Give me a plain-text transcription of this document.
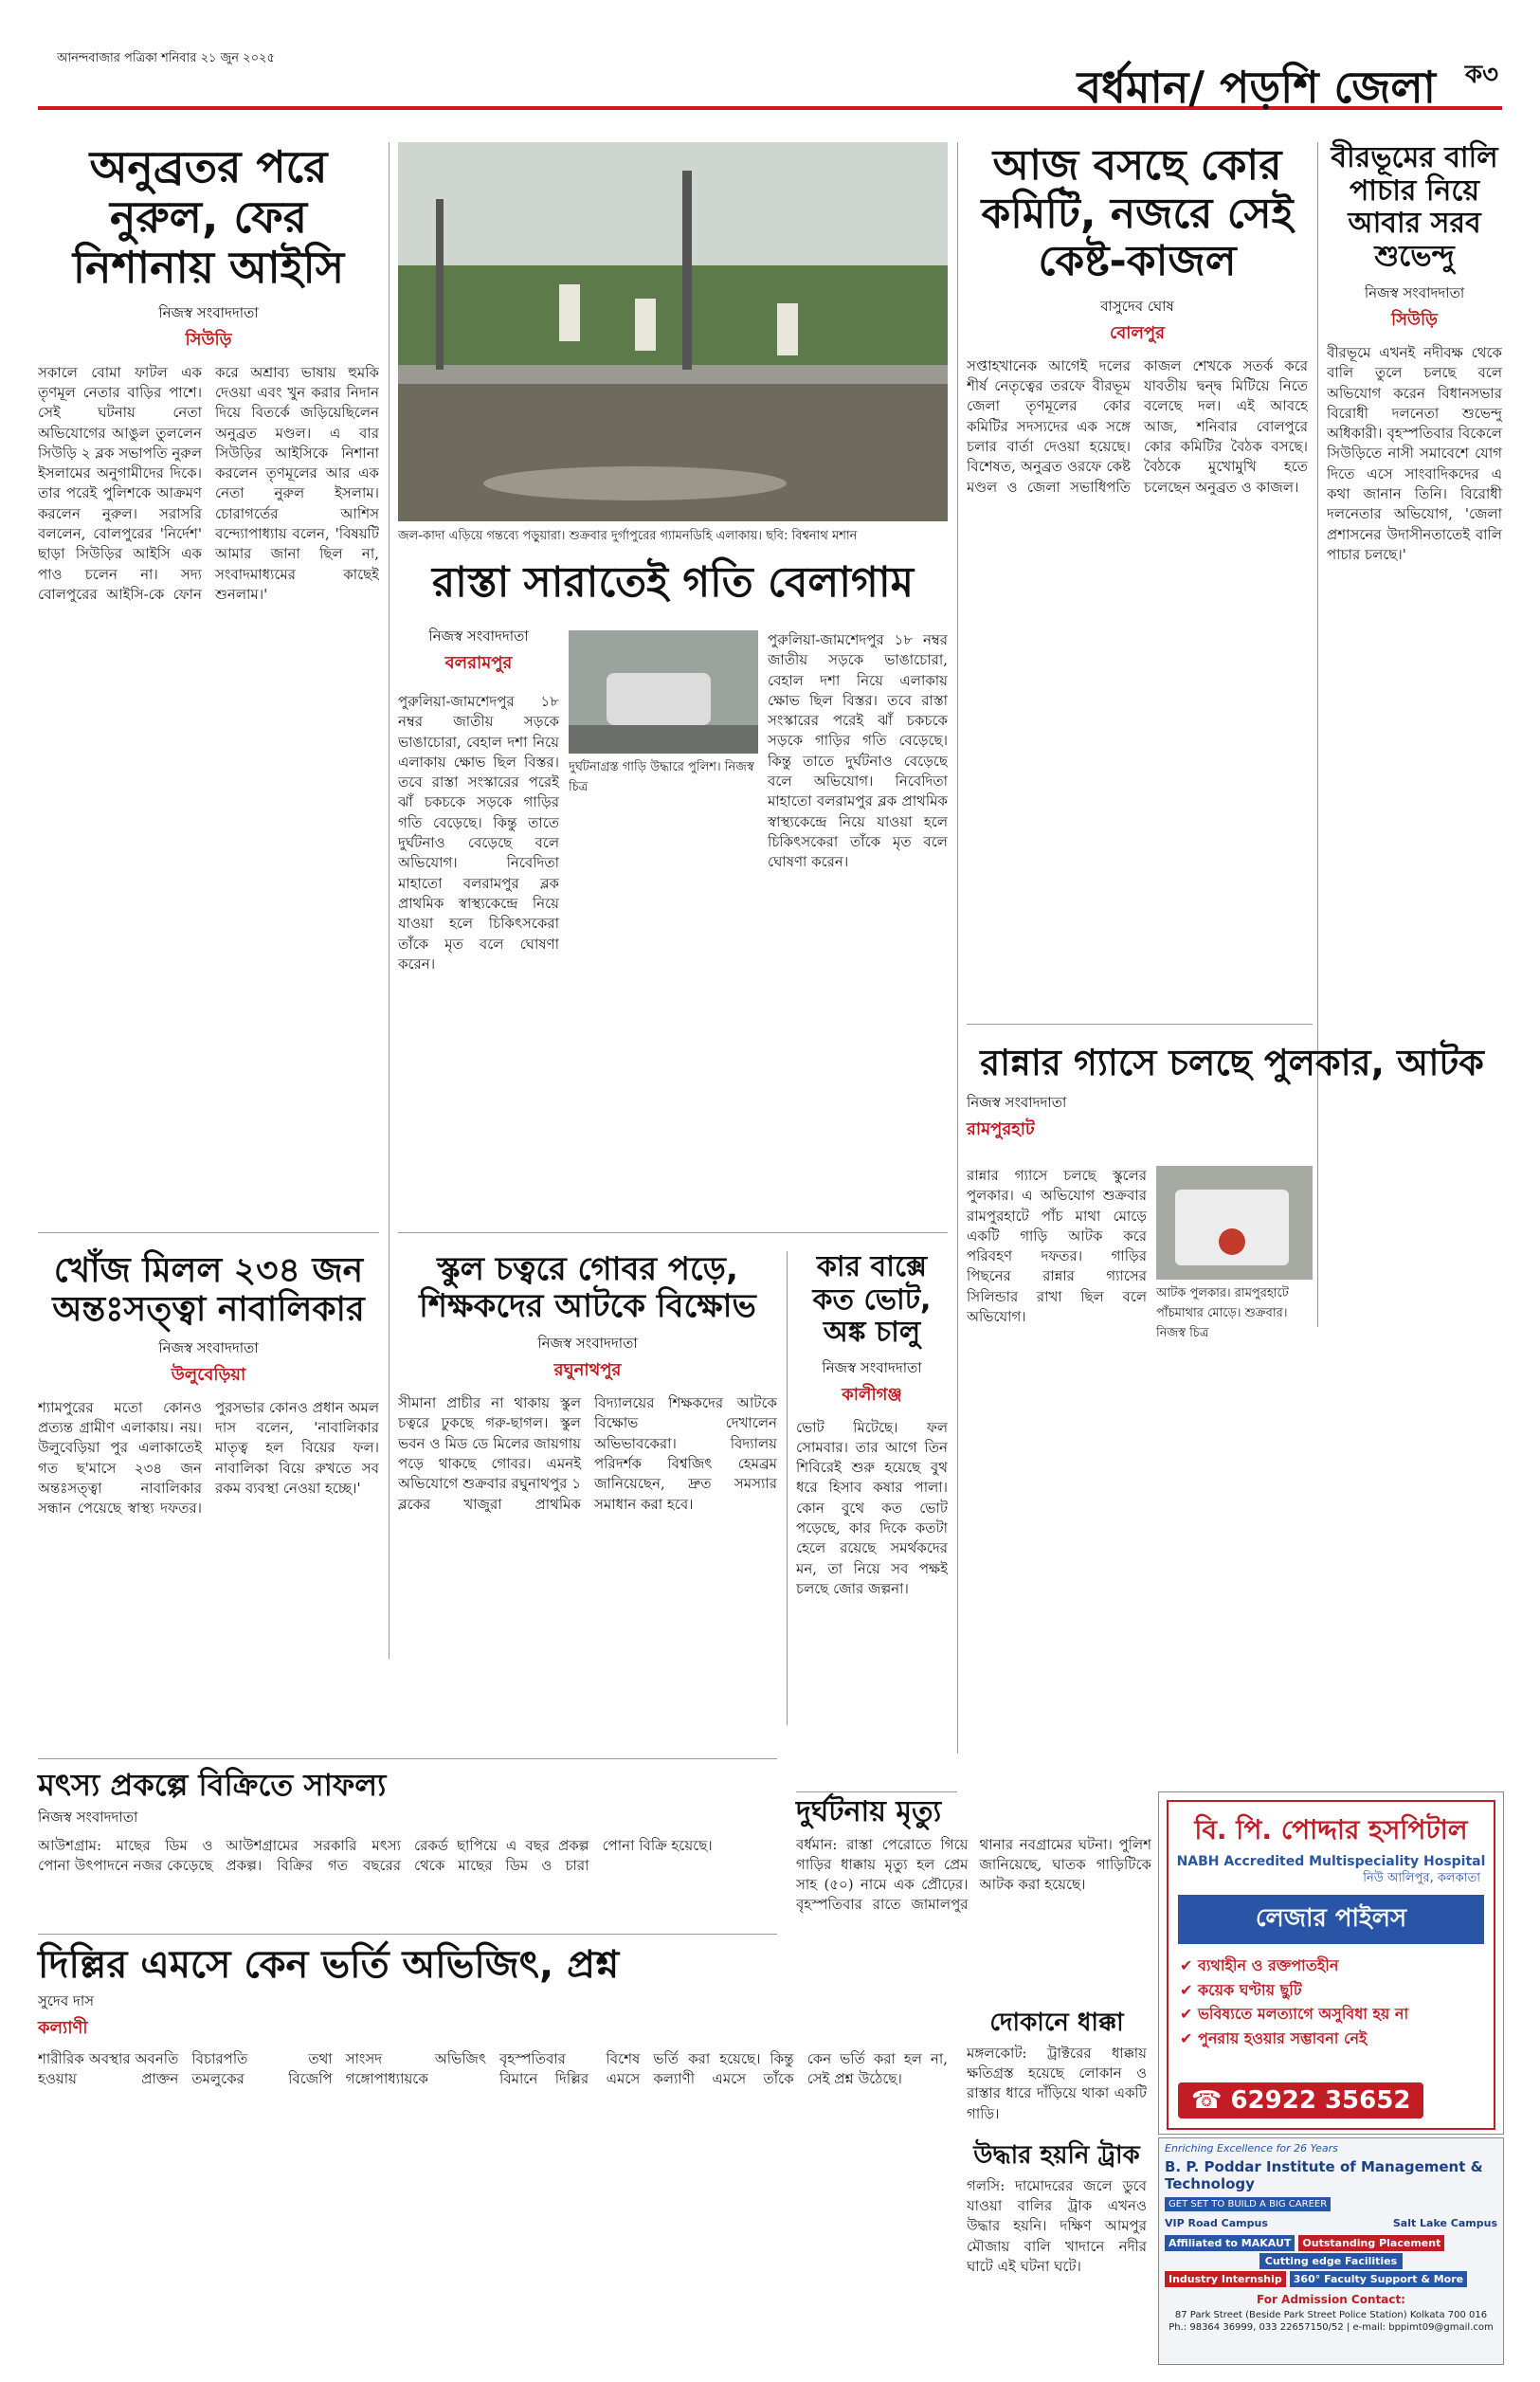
আনন্দবাজার পত্রিকা শনিবার ২১ জুন ২০২৫
বর্ধমান/ পড়শি জেলা ক৩
অনুব্রতর পরে নুরুল, ফের নিশানায় আইসি
নিজস্ব সংবাদদাতা
সিউড়ি
সকালে বোমা ফাটল এক তৃণমূল নেতার বাড়ির পাশে। সেই ঘটনায় নেতা অভিযোগের আঙুল তুললেন সিউড়ি ২ ব্লক সভাপতি নুরুল ইসলামের অনুগামীদের দিকে। তার পরেই পুলিশকে আক্রমণ করলেন নুরুল। সরাসরি বললেন, বোলপুরের 'নির্দেশ' ছাড়া সিউড়ির আইসি এক পাও চলেন না। সদ্য বোলপুরের আইসি-কে ফোন করে অশ্রাব্য ভাষায় হুমকি দেওয়া এবং খুন করার নিদান দিয়ে বিতর্কে জড়িয়েছিলেন অনুব্রত মণ্ডল। এ বার সিউড়ির আইসিকে নিশানা করলেন তৃণমূলের আর এক নেতা নুরুল ইসলাম। চোরাগর্তের আশিস বন্দ্যোপাধ্যায় বলেন, 'বিষয়টি আমার জানা ছিল না, সংবাদমাধ্যমের কাছেই শুনলাম।'
জল-কাদা এড়িয়ে গন্তব্যে পড়ুয়ারা। শুক্রবার দুর্গাপুরের গ্যামনডিহি এলাকায়। ছবি: বিশ্বনাথ মশান
রাস্তা সারাতেই গতি বেলাগাম
নিজস্ব সংবাদদাতা
বলরামপুর
দুর্ঘটনাগ্রস্ত গাড়ি উদ্ধারে পুলিশ। নিজস্ব চিত্র
পুরুলিয়া-জামশেদপুর ১৮ নম্বর জাতীয় সড়কে ভাঙাচোরা, বেহাল দশা নিয়ে এলাকায় ক্ষোভ ছিল বিস্তর। তবে রাস্তা সংস্কারের পরেই ঝাঁ চকচকে সড়কে গাড়ির গতি বেড়েছে। কিন্তু তাতে দুর্ঘটনাও বেড়েছে বলে অভিযোগ। নিবেদিতা মাহাতো বলরামপুর ব্লক প্রাথমিক স্বাস্থ্যকেন্দ্রে নিয়ে যাওয়া হলে চিকিৎসকেরা তাঁকে মৃত বলে ঘোষণা করেন।
পুরুলিয়া-জামশেদপুর ১৮ নম্বর জাতীয় সড়কে ভাঙাচোরা, বেহাল দশা নিয়ে এলাকায় ক্ষোভ ছিল বিস্তর। তবে রাস্তা সংস্কারের পরেই ঝাঁ চকচকে সড়কে গাড়ির গতি বেড়েছে। কিন্তু তাতে দুর্ঘটনাও বেড়েছে বলে অভিযোগ। নিবেদিতা মাহাতো বলরামপুর ব্লক প্রাথমিক স্বাস্থ্যকেন্দ্রে নিয়ে যাওয়া হলে চিকিৎসকেরা তাঁকে মৃত বলে ঘোষণা করেন।
আজ বসছে কোর কমিটি, নজরে সেই কেষ্ট-কাজল
বাসুদেব ঘোষ
বোলপুর
সপ্তাহখানেক আগেই দলের শীর্ষ নেতৃত্বের তরফে বীরভূম জেলা তৃণমূলের কোর কমিটির সদস্যদের এক সঙ্গে চলার বার্তা দেওয়া হয়েছে। বিশেষত, অনুব্রত ওরফে কেষ্ট মণ্ডল ও জেলা সভাধিপতি কাজল শেখকে সতর্ক করে যাবতীয় দ্বন্দ্ব মিটিয়ে নিতে বলেছে দল। এই আবহে আজ, শনিবার বোলপুরে কোর কমিটির বৈঠক বসছে। বৈঠকে মুখোমুখি হতে চলেছেন অনুব্রত ও কাজল।
বীরভূমের বালি পাচার নিয়ে আবার সরব শুভেন্দু
নিজস্ব সংবাদদাতা
সিউড়ি
বীরভূমে এখনই নদীবক্ষ থেকে বালি তুলে চলছে বলে অভিযোগ করেন বিধানসভার বিরোধী দলনেতা শুভেন্দু অধিকারী। বৃহস্পতিবার বিকেলে সিউড়িতে নাসী সমাবেশে যোগ দিতে এসে সাংবাদিকদের এ কথা জানান তিনি। বিরোধী দলনেতার অভিযোগ, 'জেলা প্রশাসনের উদাসীনতাতেই বালি পাচার চলছে।'
খোঁজ মিলল ২৩৪ জন অন্তঃসত্ত্বা নাবালিকার
নিজস্ব সংবাদদাতা
উলুবেড়িয়া
শ্যামপুরের মতো কোনও প্রত্যন্ত গ্রামীণ এলাকায়। নয়। উলুবেড়িয়া পুর এলাকাতেই গত ছ'মাসে ২৩৪ জন অন্তঃসত্ত্বা নাবালিকার সন্ধান পেয়েছে স্বাস্থ্য দফতর। পুরসভার কোনও প্রধান অমল দাস বলেন, 'নাবালিকার মাতৃত্ব হল বিয়ের ফল। নাবালিকা বিয়ে রুখতে সব রকম ব্যবস্থা নেওয়া হচ্ছে।'
স্কুল চত্বরে গোবর পড়ে, শিক্ষকদের আটকে বিক্ষোভ
নিজস্ব সংবাদদাতা
রঘুনাথপুর
সীমানা প্রাচীর না থাকায় স্কুল চত্বরে ঢুকছে গরু-ছাগল। স্কুল ভবন ও মিড ডে মিলের জায়গায় পড়ে থাকছে গোবর। এমনই অভিযোগে শুক্রবার রঘুনাথপুর ১ ব্লকের খাজুরা প্রাথমিক বিদ্যালয়ের শিক্ষকদের আটকে বিক্ষোভ দেখালেন অভিভাবকেরা। বিদ্যালয় পরিদর্শক বিশ্বজিৎ হেমব্রম জানিয়েছেন, দ্রুত সমস্যার সমাধান করা হবে।
কার বাক্সে কত ভোট, অঙ্ক চালু
নিজস্ব সংবাদদাতা
কালীগঞ্জ
ভোট মিটেছে। ফল সোমবার। তার আগে তিন শিবিরেই শুরু হয়েছে বুথ ধরে হিসাব কষার পালা। কোন বুথে কত ভোট পড়েছে, কার দিকে কতটা হেলে রয়েছে সমর্থকদের মন, তা নিয়ে সব পক্ষই চলছে জোর জল্পনা।
রান্নার গ্যাসে চলছে পুলকার, আটক
নিজস্ব সংবাদদাতা
রামপুরহাট
আটক পুলকার। রামপুরহাটে পাঁচমাথার মোড়ে। শুক্রবার। নিজস্ব চিত্র
রান্নার গ্যাসে চলছে স্কুলের পুলকার। এ অভিযোগ শুক্রবার রামপুরহাটে পাঁচ মাথা মোড়ে একটি গাড়ি আটক করে পরিবহণ দফতর। গাড়ির পিছনের রান্নার গ্যাসের সিলিন্ডার রাখা ছিল বলে অভিযোগ।
দুর্ঘটনায় মৃত্যু
বর্ধমান: রাস্তা পেরোতে গিয়ে গাড়ির ধাক্কায় মৃত্যু হল প্রেম সাহ (৫০) নামে এক প্রৌঢ়ের। বৃহস্পতিবার রাতে জামালপুর থানার নবগ্রামের ঘটনা। পুলিশ জানিয়েছে, ঘাতক গাড়িটিকে আটক করা হয়েছে।
দোকানে ধাক্কা
মঙ্গলকোট: ট্রাক্টরের ধাক্কায় ক্ষতিগ্রস্ত হয়েছে লোকান ও রাস্তার ধারে দাঁড়িয়ে থাকা একটি গাড়ি।
উদ্ধার হয়নি ট্রাক
গলসি: দামোদরের জলে ডুবে যাওয়া বালির ট্রাক এখনও উদ্ধার হয়নি। দক্ষিণ আমপুর মৌজায় বালি খাদানে নদীর ঘাটে এই ঘটনা ঘটে।
মৎস্য প্রকল্পে বিক্রিতে সাফল্য
নিজস্ব সংবাদদাতা
আউশগ্রাম: মাছের ডিম ও পোনা উৎপাদনে নজর কেড়েছে আউশগ্রামের সরকারি মৎস্য প্রকল্প। বিক্রির গত বছরের রেকর্ড ছাপিয়ে এ বছর প্রকল্প থেকে মাছের ডিম ও চারা পোনা বিক্রি হয়েছে।
দিল্লির এমসে কেন ভর্তি অভিজিৎ, প্রশ্ন
সুদেব দাস
কল্যাণী
শারীরিক অবস্থার অবনতি হওয়ায় প্রাক্তন বিচারপতি তথা তমলুকের বিজেপি সাংসদ অভিজিৎ গঙ্গোপাধ্যায়কে বৃহস্পতিবার বিশেষ বিমানে দিল্লির এমসে ভর্তি করা হয়েছে। কিন্তু কল্যাণী এমসে তাঁকে কেন ভর্তি করা হল না, সেই প্রশ্ন উঠেছে।
বি. পি. পোদ্দার হসপিটাল
NABH Accredited Multispeciality Hospital
নিউ আলিপুর, কলকাতা
লেজার পাইলস
✔ ব্যথাহীন ও রক্তপাতহীন
✔ কয়েক ঘণ্টায় ছুটি
✔ ভবিষ্যতে মলত্যাগে অসুবিধা হয় না
✔ পুনরায় হওয়ার সম্ভাবনা নেই
☎ 62922 35652
Enriching Excellence for 26 Years
B. P. Poddar Institute of Management & Technology
GET SET TO BUILD A BIG CAREER
VIP Road Campus	Salt Lake Campus
Affiliated to MAKAUT	Outstanding Placement
Cutting edge Facilities
Industry Internship	360° Faculty Support & More
For Admission Contact:
87 Park Street (Beside Park Street Police Station) Kolkata 700 016
Ph.: 98364 36999, 033 22657150/52 | e-mail: bppimt09@gmail.com
